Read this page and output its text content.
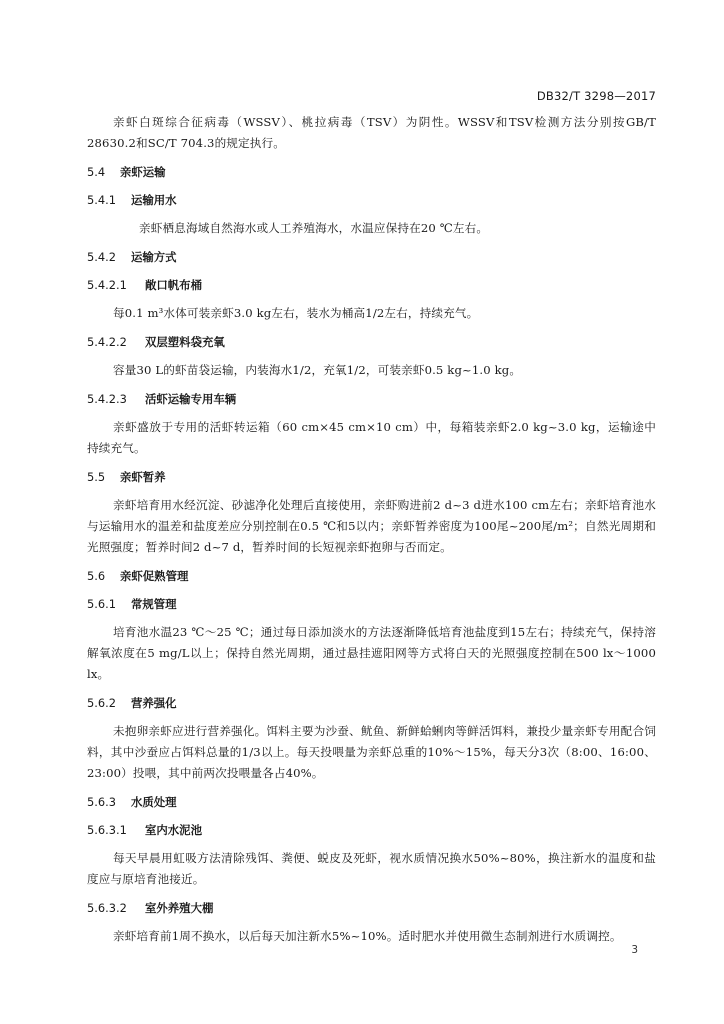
DB32/T 3298—2017

亲虾白斑综合征病毒（WSSV）、桃拉病毒（TSV）为阴性。WSSV和TSV检测方法分别按GB/T 28630.2和SC/T 704.3的规定执行。

5.4	亲虾运输
5.4.1	运输用水

亲虾栖息海域自然海水或人工养殖海水，水温应保持在20 ℃左右。

5.4.2	运输方式
5.4.2.1	敞口帆布桶

每0.1 m³水体可装亲虾3.0 kg左右，装水为桶高1/2左右，持续充气。

5.4.2.2	双层塑料袋充氧

容量30 L的虾苗袋运输，内装海水1/2，充氧1/2，可装亲虾0.5 kg~1.0 kg。

5.4.2.3	活虾运输专用车辆

亲虾盛放于专用的活虾转运箱（60 cm×45 cm×10 cm）中，每箱装亲虾2.0 kg~3.0 kg，运输途中持续充气。

5.5	亲虾暂养

亲虾培育用水经沉淀、砂滤净化处理后直接使用，亲虾购进前2 d~3 d进水100 cm左右；亲虾培育池水与运输用水的温差和盐度差应分别控制在0.5 ℃和5以内；亲虾暂养密度为100尾~200尾/m²；自然光周期和光照强度；暂养时间2 d~7 d，暂养时间的长短视亲虾抱卵与否而定。

5.6	亲虾促熟管理
5.6.1	常规管理

培育池水温23 ℃～25 ℃；通过每日添加淡水的方法逐渐降低培育池盐度到15左右；持续充气，保持溶解氧浓度在5 mg/L以上；保持自然光周期，通过悬挂遮阳网等方式将白天的光照强度控制在500 lx～1000 lx。

5.6.2	营养强化

未抱卵亲虾应进行营养强化。饵料主要为沙蚕、鱿鱼、新鲜蛤蜊肉等鲜活饵料，兼投少量亲虾专用配合饲料，其中沙蚕应占饵料总量的1/3以上。每天投喂量为亲虾总重的10%～15%，每天分3次（8:00、16:00、23:00）投喂，其中前两次投喂量各占40%。

5.6.3	水质处理
5.6.3.1	室内水泥池

每天早晨用虹吸方法清除残饵、粪便、蜕皮及死虾，视水质情况换水50%~80%，换注新水的温度和盐度应与原培育池接近。

5.6.3.2	室外养殖大棚

亲虾培育前1周不换水，以后每天加注新水5%~10%。适时肥水并使用微生态制剂进行水质调控。

3
